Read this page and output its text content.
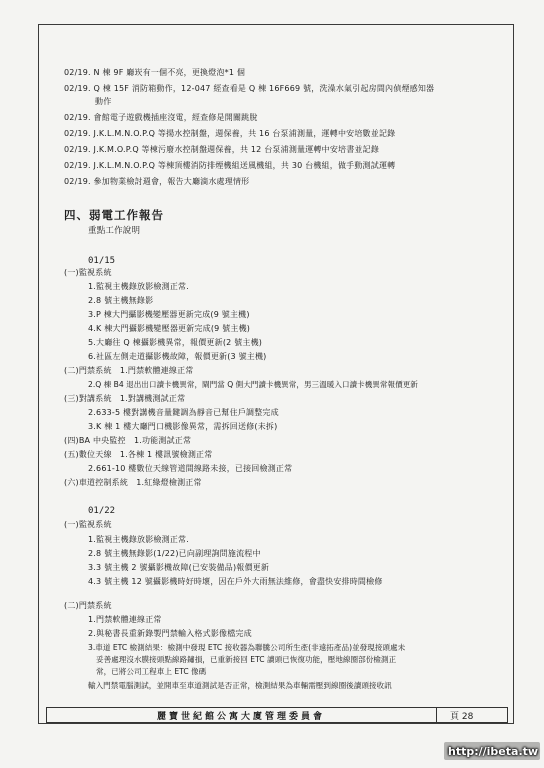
02/19. N 棟 9F 廳崁有一個不亮，更換燈泡*1 個
02/19. Q 棟 15F 消防箱動作，12-047 經查看是 Q 棟 16F669 號，洗澡水氣引起房間內偵煙感知器
動作
02/19. 會館電子遊戲機插座沒電，經查修是開關跳脫
02/19. J.K.L.M.N.O.P.Q 等揚水控制盤，週保養，共 16 台泵浦測量，運轉中安培數並記錄
02/19. J.K.M.O.P.Q 等棟污廢水控制盤週保養，共 12 台泵浦測量運轉中安培書並記錄
02/19. J.K.L.M.N.O.P.Q 等棟頂樓消防排煙機組送風機組，共 30 台機組，做手動測試運轉
02/19. 參加物業檢討週會，報告大廳滴水處理情形
四、弱電工作報告
重點工作說明
01/15
(一)監視系統
1.監視主機錄放影檢測正常.
2.8 號主機無錄影
3.P 棟大門攝影機變壓器更新完成(9 號主機)
4.K 棟大門攝影機變壓器更新完成(9 號主機)
5.大廳往 Q 棟攝影機異常，報價更新(2 號主機)
6.社區左側走道攝影機故障，報價更新(3 號主機)
(二)門禁系統　1.門禁軟體連線正常
2.Q 棟 B4 退出出口讀卡機異常，閘門當 Q 側大門讀卡機異常，男三溫暖入口讀卡機異常報價更新
(三)對講系統　1.對講機測試正常
2.633-5 樓對講機音量鍵調為靜音已幫住戶調整完成
3.K 棟 1 樓大廳門口機影像異常，需拆回送修(未拆)
(四)BA 中央監控　1.功能測試正常
(五)數位天線　1.各棟 1 樓訊號檢測正常
2.661-10 樓數位天線管道間線路未接，已接回檢測正常
(六)車道控制系統　1.紅綠燈檢測正常
01/22
(一)監視系統
1.監視主機錄放影檢測正常.
2.8 號主機無錄影(1/22)已向副理詢問施流程中
3.3 號主機 2 號攝影機故障(已安裝備品)報價更新
4.3 號主機 12 號攝影機時好時壞，因在戶外大雨無法維修，會盡快安排時間檢修
(二)門禁系統
1.門禁軟體連線正常
2.與秘書長重新錄製門禁輸入格式影像檔完成
3.車道 ETC 檢測結果：檢測中發現 ETC 接收器為聯騰公司所生產(非遠拓產品)並發現接頭處未
妥善處理沒水膜接頭點線路鏽損，已重新接回 ETC 讀頭已恢復功能，壓地線圈部份檢測正
常，已將公司工程車上 ETC 像碼
輸入門禁電腦測試，並開車至車道測試是否正常，檢測結果為車輛需壓到線圈後讀頭接收訊
麗寶世紀館公寓大廈管理委員會	頁 28
http://ibeta.tw
